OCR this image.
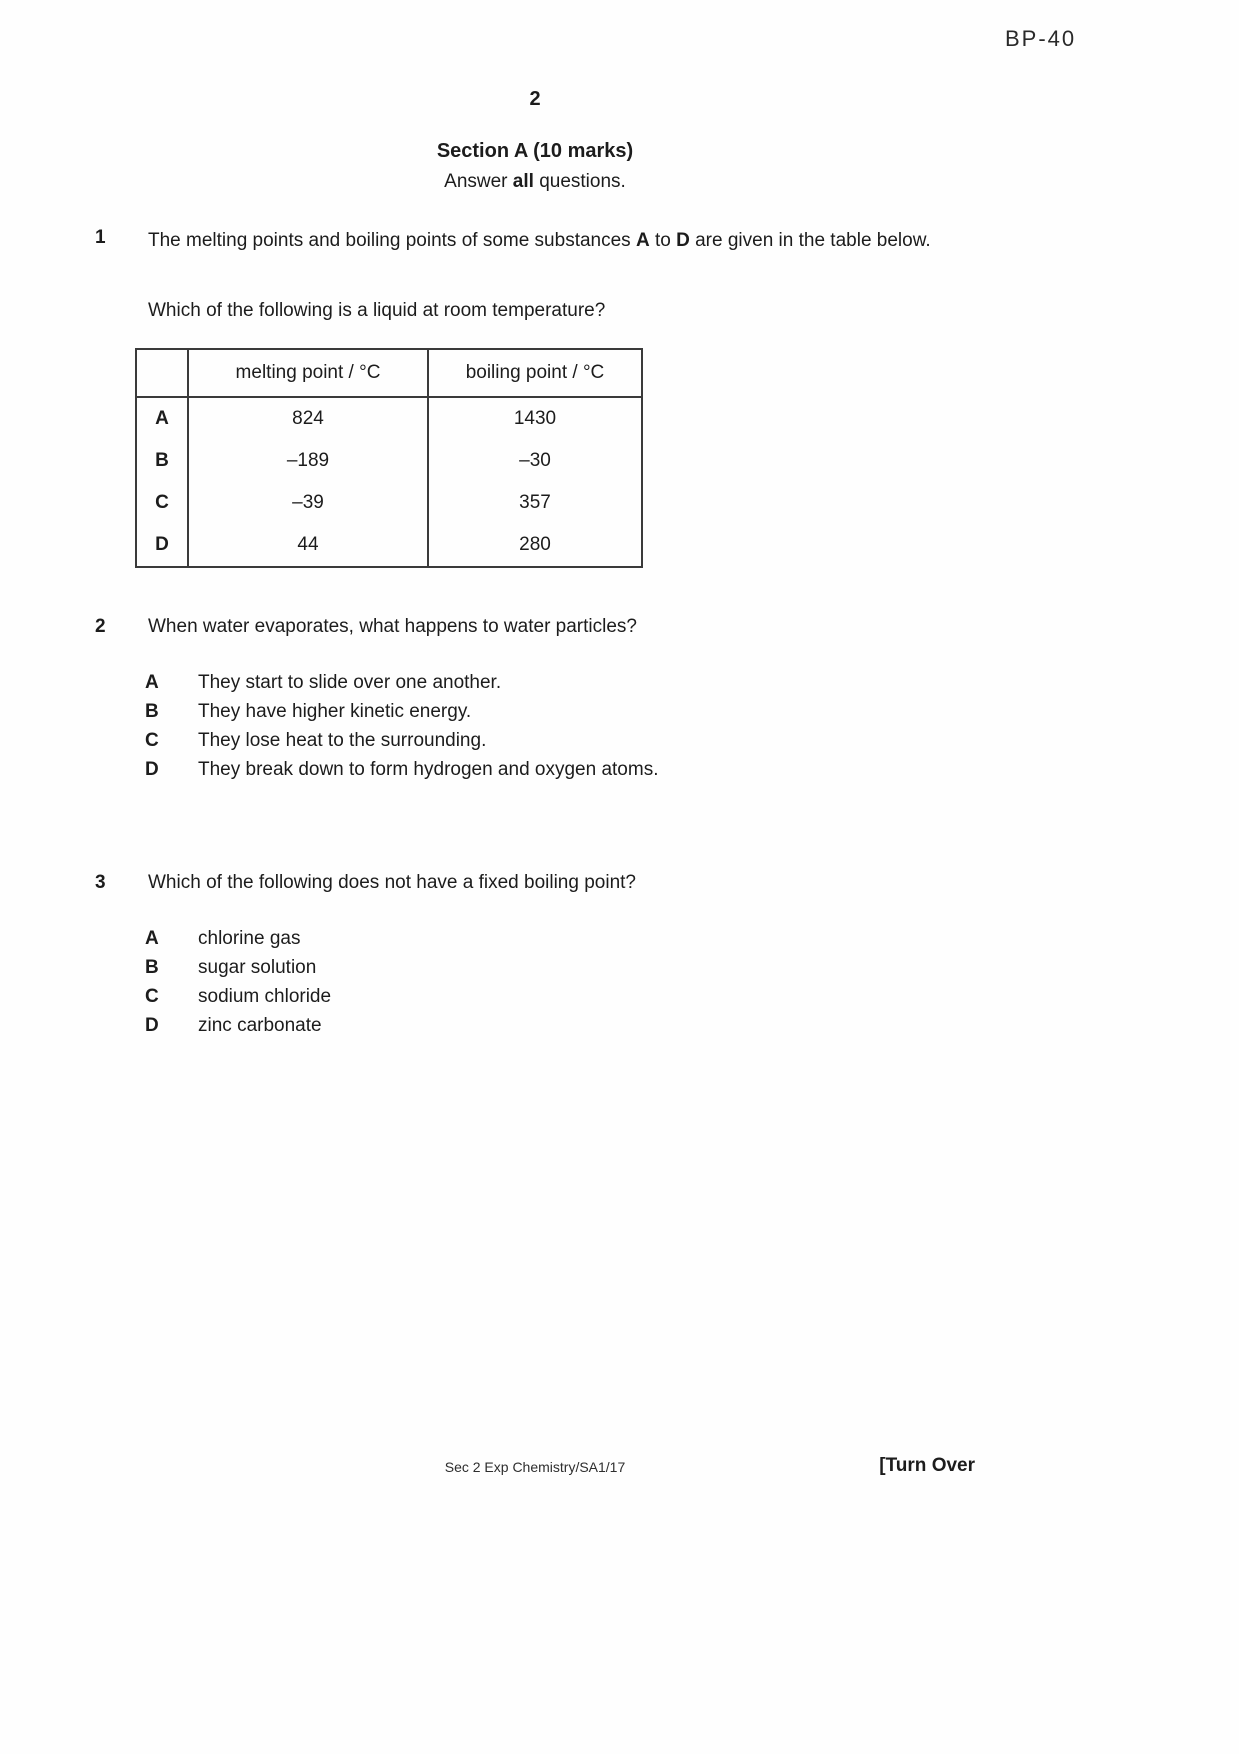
BP-40
2
Section A (10 marks)
Answer all questions.
1	The melting points and boiling points of some substances A to D are given in the table below.
Which of the following is a liquid at room temperature?
	melting point / °C	boiling point / °C
A	824	1430
B	–189	–30
C	–39	357
D	44	280
2	When water evaporates, what happens to water particles?
A	They start to slide over one another.
B	They have higher kinetic energy.
C	They lose heat to the surrounding.
D	They break down to form hydrogen and oxygen atoms.
3	Which of the following does not have a fixed boiling point?
A	chlorine gas
B	sugar solution
C	sodium chloride
D	zinc carbonate
Sec 2 Exp Chemistry/SA1/17	[Turn Over
